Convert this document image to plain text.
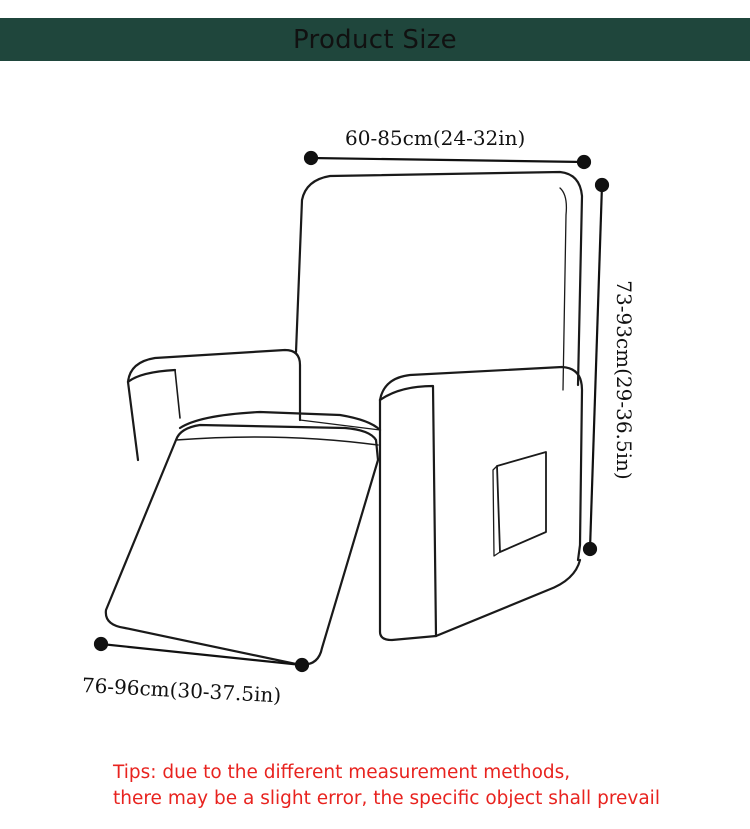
Product Size
60-85cm(24-32in)
73-93cm(29-36.5in)
76-96cm(30-37.5in)
Tips: due to the different measurement methods,
there may be a slight error, the specific object shall prevail
